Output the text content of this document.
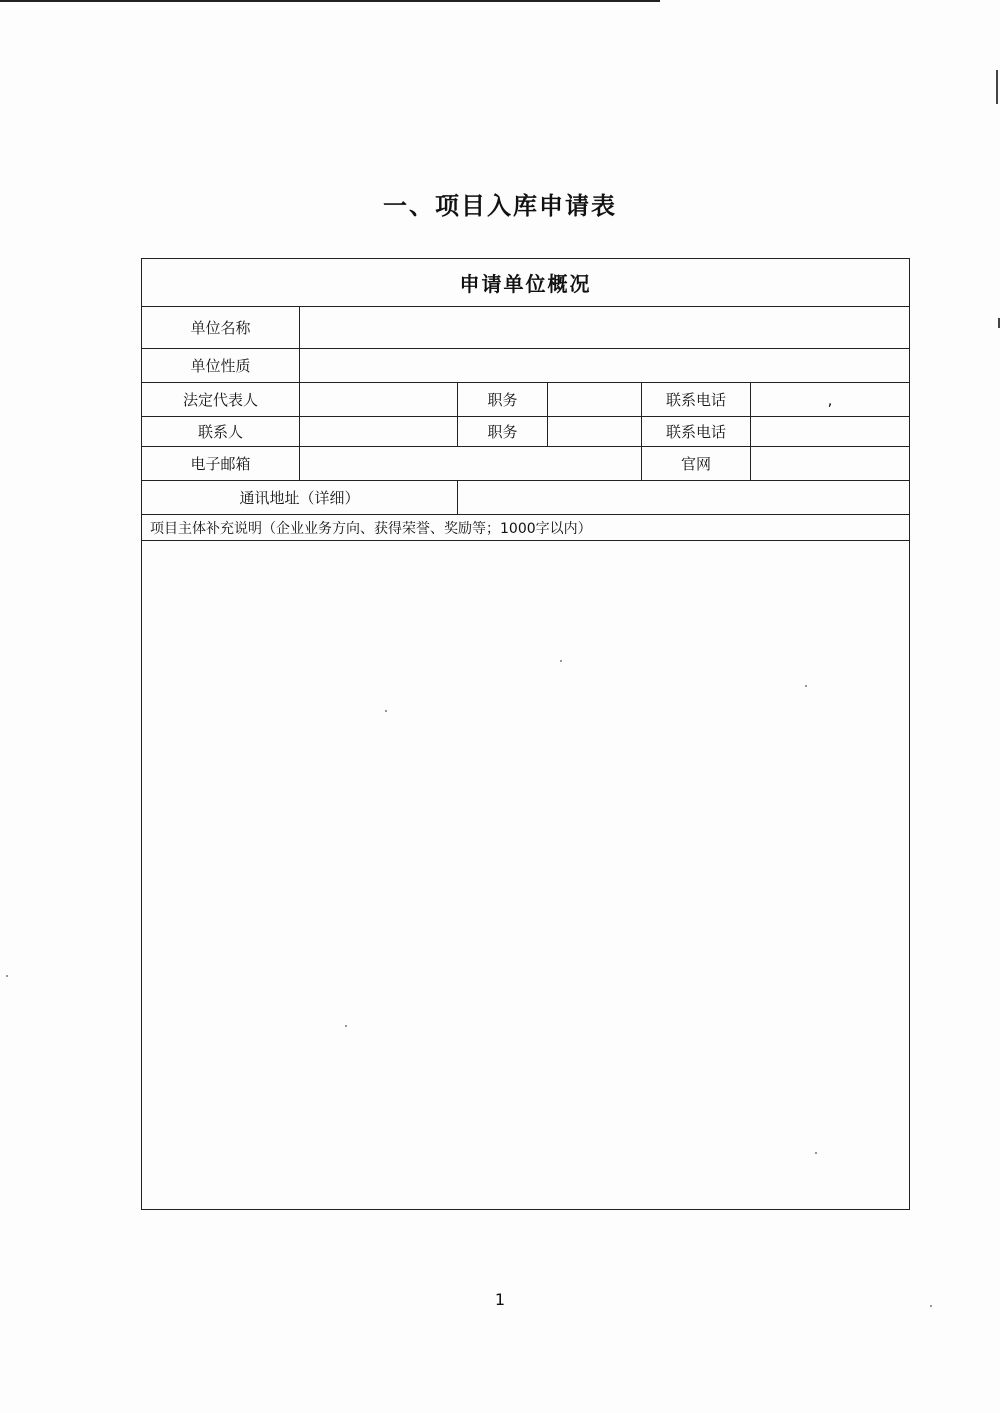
一、项目入库申请表
申请单位概况					
单位名称					
单位性质					
法定代表人		职务		联系电话	,
联系人		职务		联系电话	
电子邮箱				官网	
通讯地址（详细）					
项目主体补充说明（企业业务方向、获得荣誉、奖励等；1000字以内）					

1
